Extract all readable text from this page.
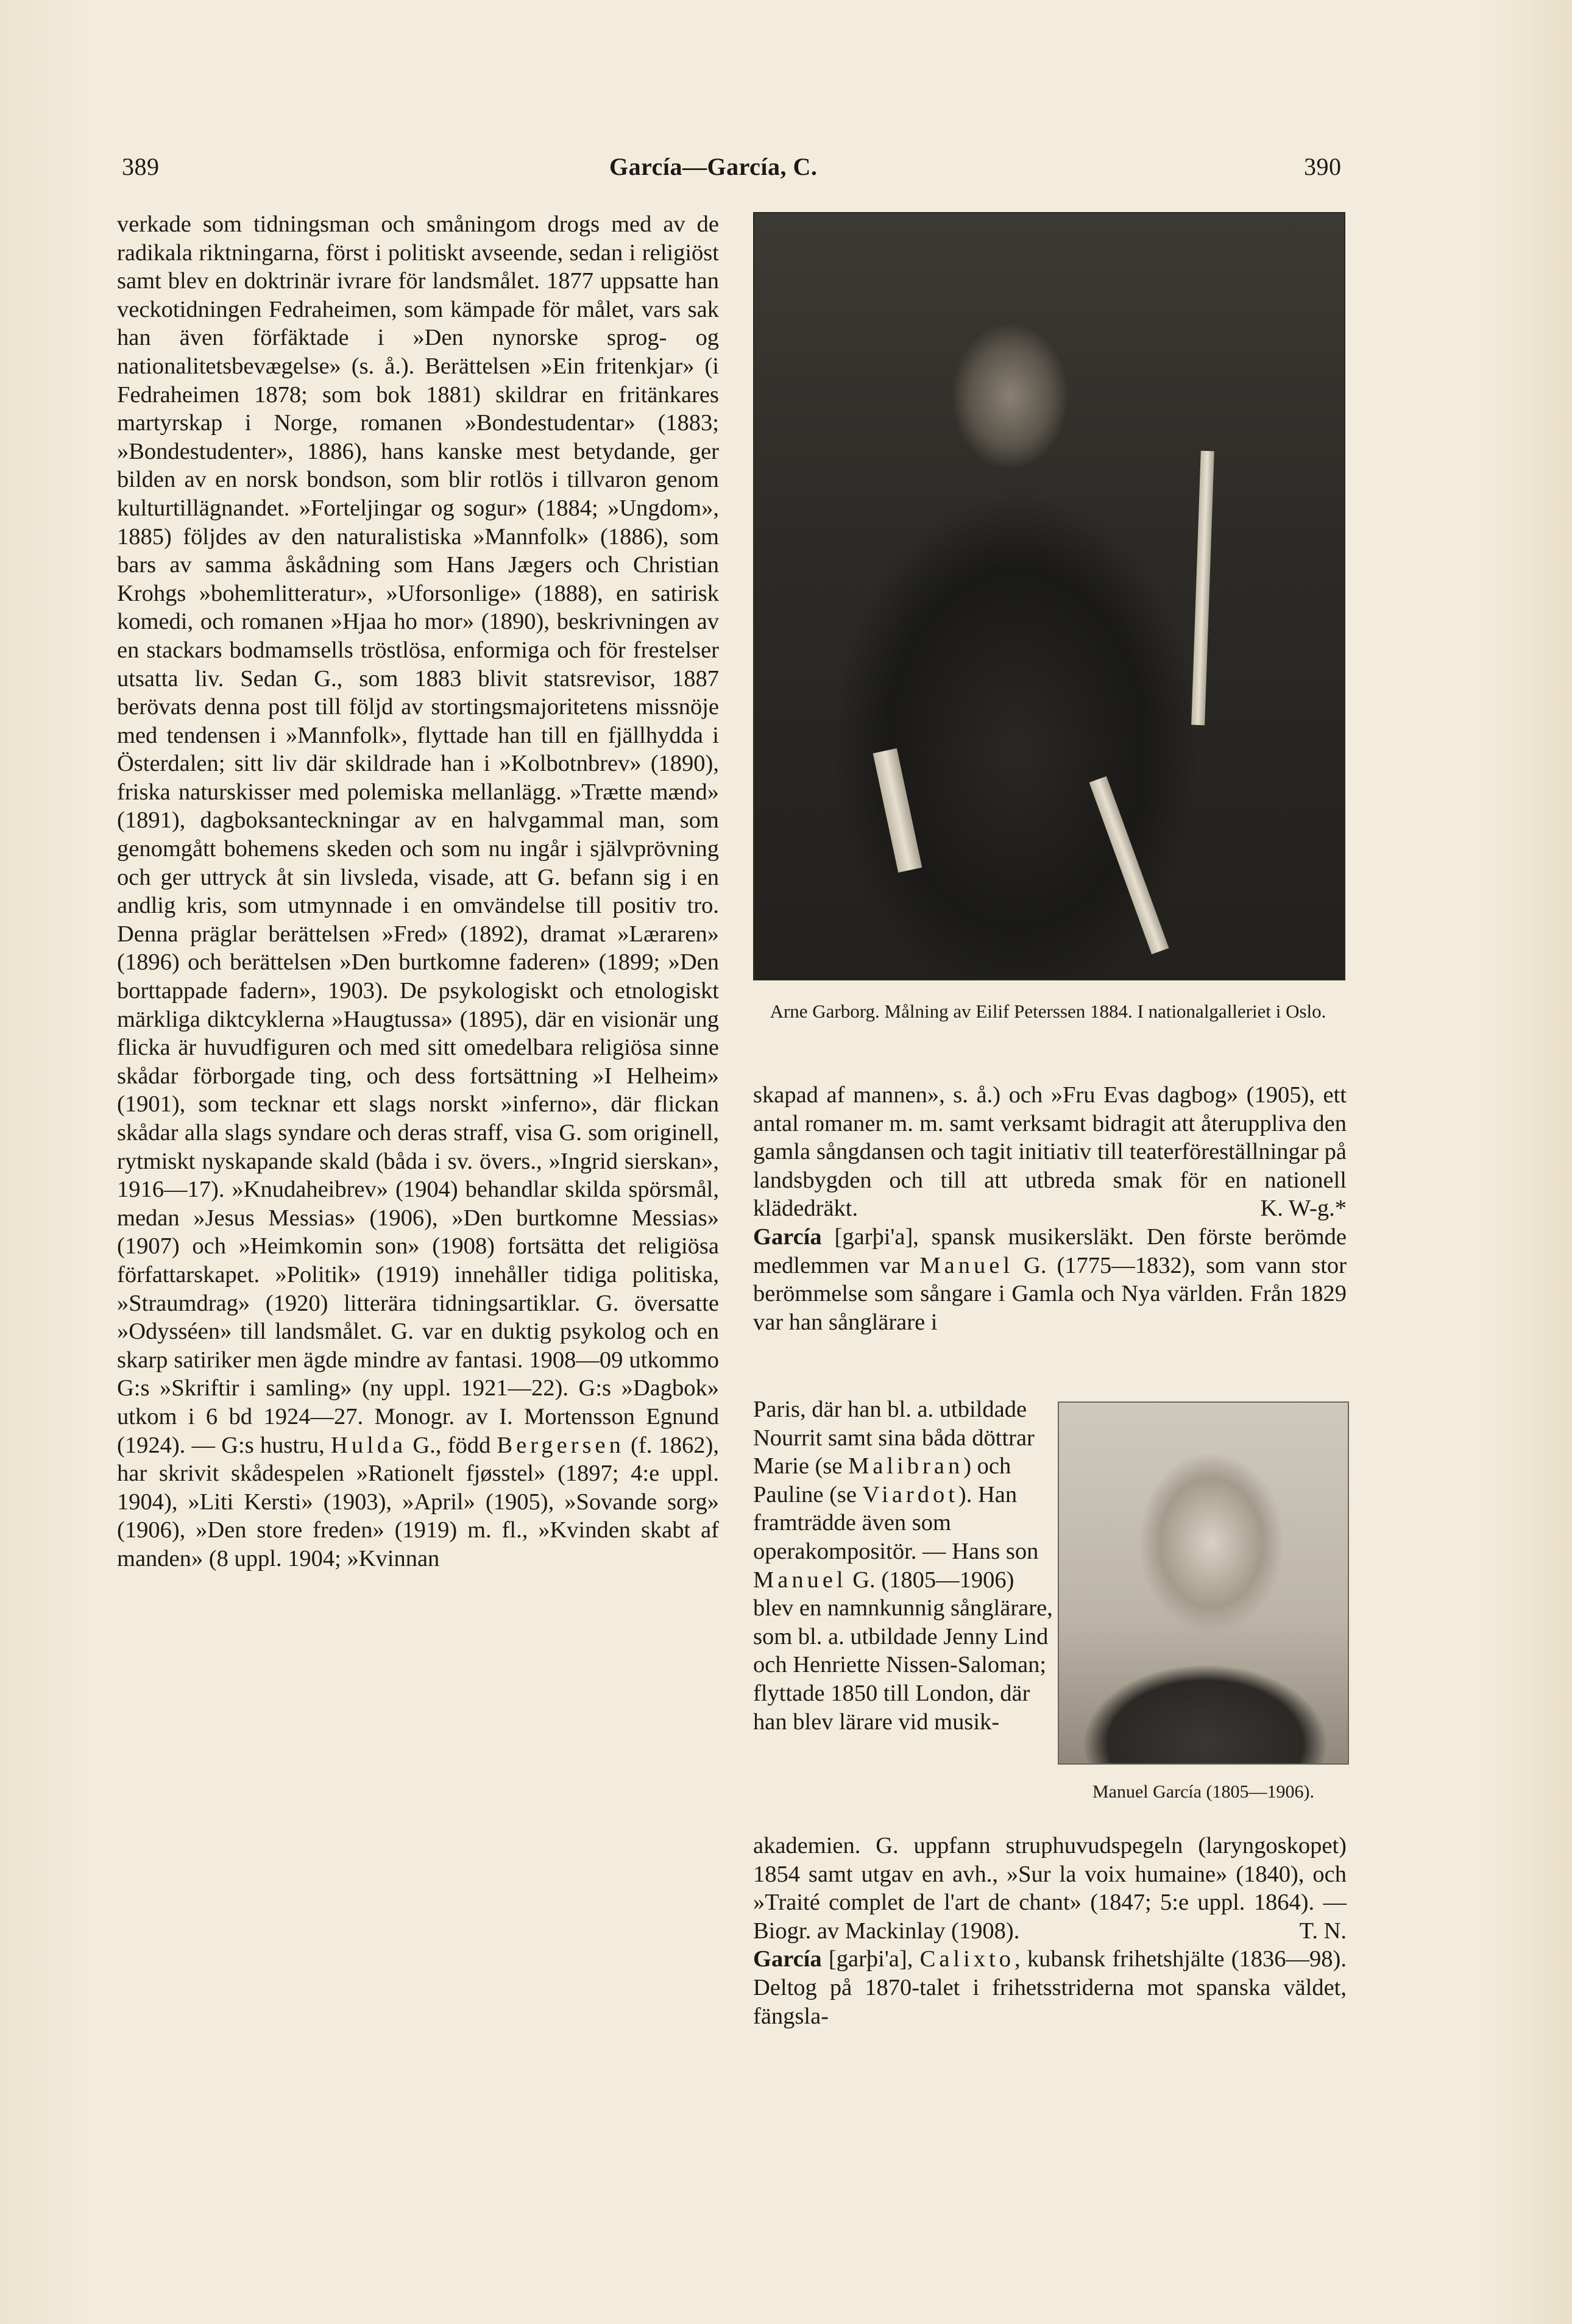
389	García—García, C.	390

verkade som tidningsman och småningom drogs med av de radikala riktningarna, först i politiskt avseende, sedan i religiöst samt blev en doktrinär ivrare för landsmålet. 1877 uppsatte han veckotidningen Fedraheimen, som kämpade för målet, vars sak han även förfäktade i »Den nynorske sprog- og nationalitetsbevægelse» (s. å.). Berättelsen »Ein fritenkjar» (i Fedraheimen 1878; som bok 1881) skildrar en fritänkares martyrskap i Norge, romanen »Bondestudentar» (1883; »Bondestudenter», 1886), hans kanske mest betydande, ger bilden av en norsk bondson, som blir rotlös i tillvaron genom kulturtillägnandet. »Forteljingar og sogur» (1884; »Ungdom», 1885) följdes av den naturalistiska »Mannfolk» (1886), som bars av samma åskådning som Hans Jægers och Christian Krohgs »bohemlitteratur», »Uforsonlige» (1888), en satirisk komedi, och romanen »Hjaa ho mor» (1890), beskrivningen av en stackars bodmamsells tröstlösa, enformiga och för frestelser utsatta liv. Sedan G., som 1883 blivit statsrevisor, 1887 berövats denna post till följd av stortingsmajoritetens missnöje med tendensen i »Mannfolk», flyttade han till en fjällhydda i Österdalen; sitt liv där skildrade han i »Kolbotnbrev» (1890), friska naturskisser med polemiska mellanlägg. »Trætte mænd» (1891), dagboksanteckningar av en halvgammal man, som genomgått bohemens skeden och som nu ingår i självprövning och ger uttryck åt sin livsleda, visade, att G. befann sig i en andlig kris, som utmynnade i en omvändelse till positiv tro. Denna präglar berättelsen »Fred» (1892), dramat »Læraren» (1896) och berättelsen »Den burtkomne faderen» (1899; »Den borttappade fadern», 1903). De psykologiskt och etnologiskt märkliga diktcyklerna »Haugtussa» (1895), där en visionär ung flicka är huvudfiguren och med sitt omedelbara religiösa sinne skådar förborgade ting, och dess fortsättning »I Helheim» (1901), som tecknar ett slags norskt »inferno», där flickan skådar alla slags syndare och deras straff, visa G. som originell, rytmiskt nyskapande skald (båda i sv. övers., »Ingrid sierskan», 1916—17). »Knudaheibrev» (1904) behandlar skilda spörsmål, medan »Jesus Messias» (1906), »Den burtkomne Messias» (1907) och »Heimkomin son» (1908) fortsätta det religiösa författarskapet. »Politik» (1919) innehåller tidiga politiska, »Straumdrag» (1920) litterära tidningsartiklar. G. översatte »Odysséen» till landsmålet. G. var en duktig psykolog och en skarp satiriker men ägde mindre av fantasi. 1908—09 utkommo G:s »Skriftir i samling» (ny uppl. 1921—22). G:s »Dagbok» utkom i 6 bd 1924—27. Monogr. av I. Mortensson Egnund (1924). — G:s hustru, Hulda G., född Bergersen (f. 1862), har skrivit skådespelen »Rationelt fjøsstel» (1897; 4:e uppl. 1904), »Liti Kersti» (1903), »April» (1905), »Sovande sorg» (1906), »Den store freden» (1919) m. fl., »Kvinden skabt af manden» (8 uppl. 1904; »Kvinnan

Arne Garborg. Målning av Eilif Peterssen 1884. I nationalgalleriet i Oslo.

skapad af mannen», s. å.) och »Fru Evas dagbog» (1905), ett antal romaner m. m. samt verksamt bidragit att återuppliva den gamla sångdansen och tagit initiativ till teaterföreställningar på landsbygden och till att utbreda smak för en nationell klädedräkt.	K. W-g.*

García [garþi'a], spansk musikersläkt. Den förste berömde medlemmen var Manuel G. (1775—1832), som vann stor berömmelse som sångare i Gamla och Nya världen. Från 1829 var han sånglärare i

Paris, där han bl. a. utbildade Nourrit samt sina båda döttrar Marie (se Malibran) och Pauline (se Viardot). Han framträdde även som operakompositör. — Hans son Manuel G. (1805—1906) blev en namnkunnig sånglärare, som bl. a. utbildade Jenny Lind och Henriette Nissen-Saloman; flyttade 1850 till London, där han blev lärare vid musik-

Manuel García (1805—1906).

akademien. G. uppfann struphuvudspegeln (laryngoskopet) 1854 samt utgav en avh., »Sur la voix humaine» (1840), och »Traité complet de l'art de chant» (1847; 5:e uppl. 1864). — Biogr. av Mackinlay (1908).	T. N.

García [garþi'a], Calixto, kubansk frihetshjälte (1836—98). Deltog på 1870-talet i frihetsstriderna mot spanska väldet, fängsla-
